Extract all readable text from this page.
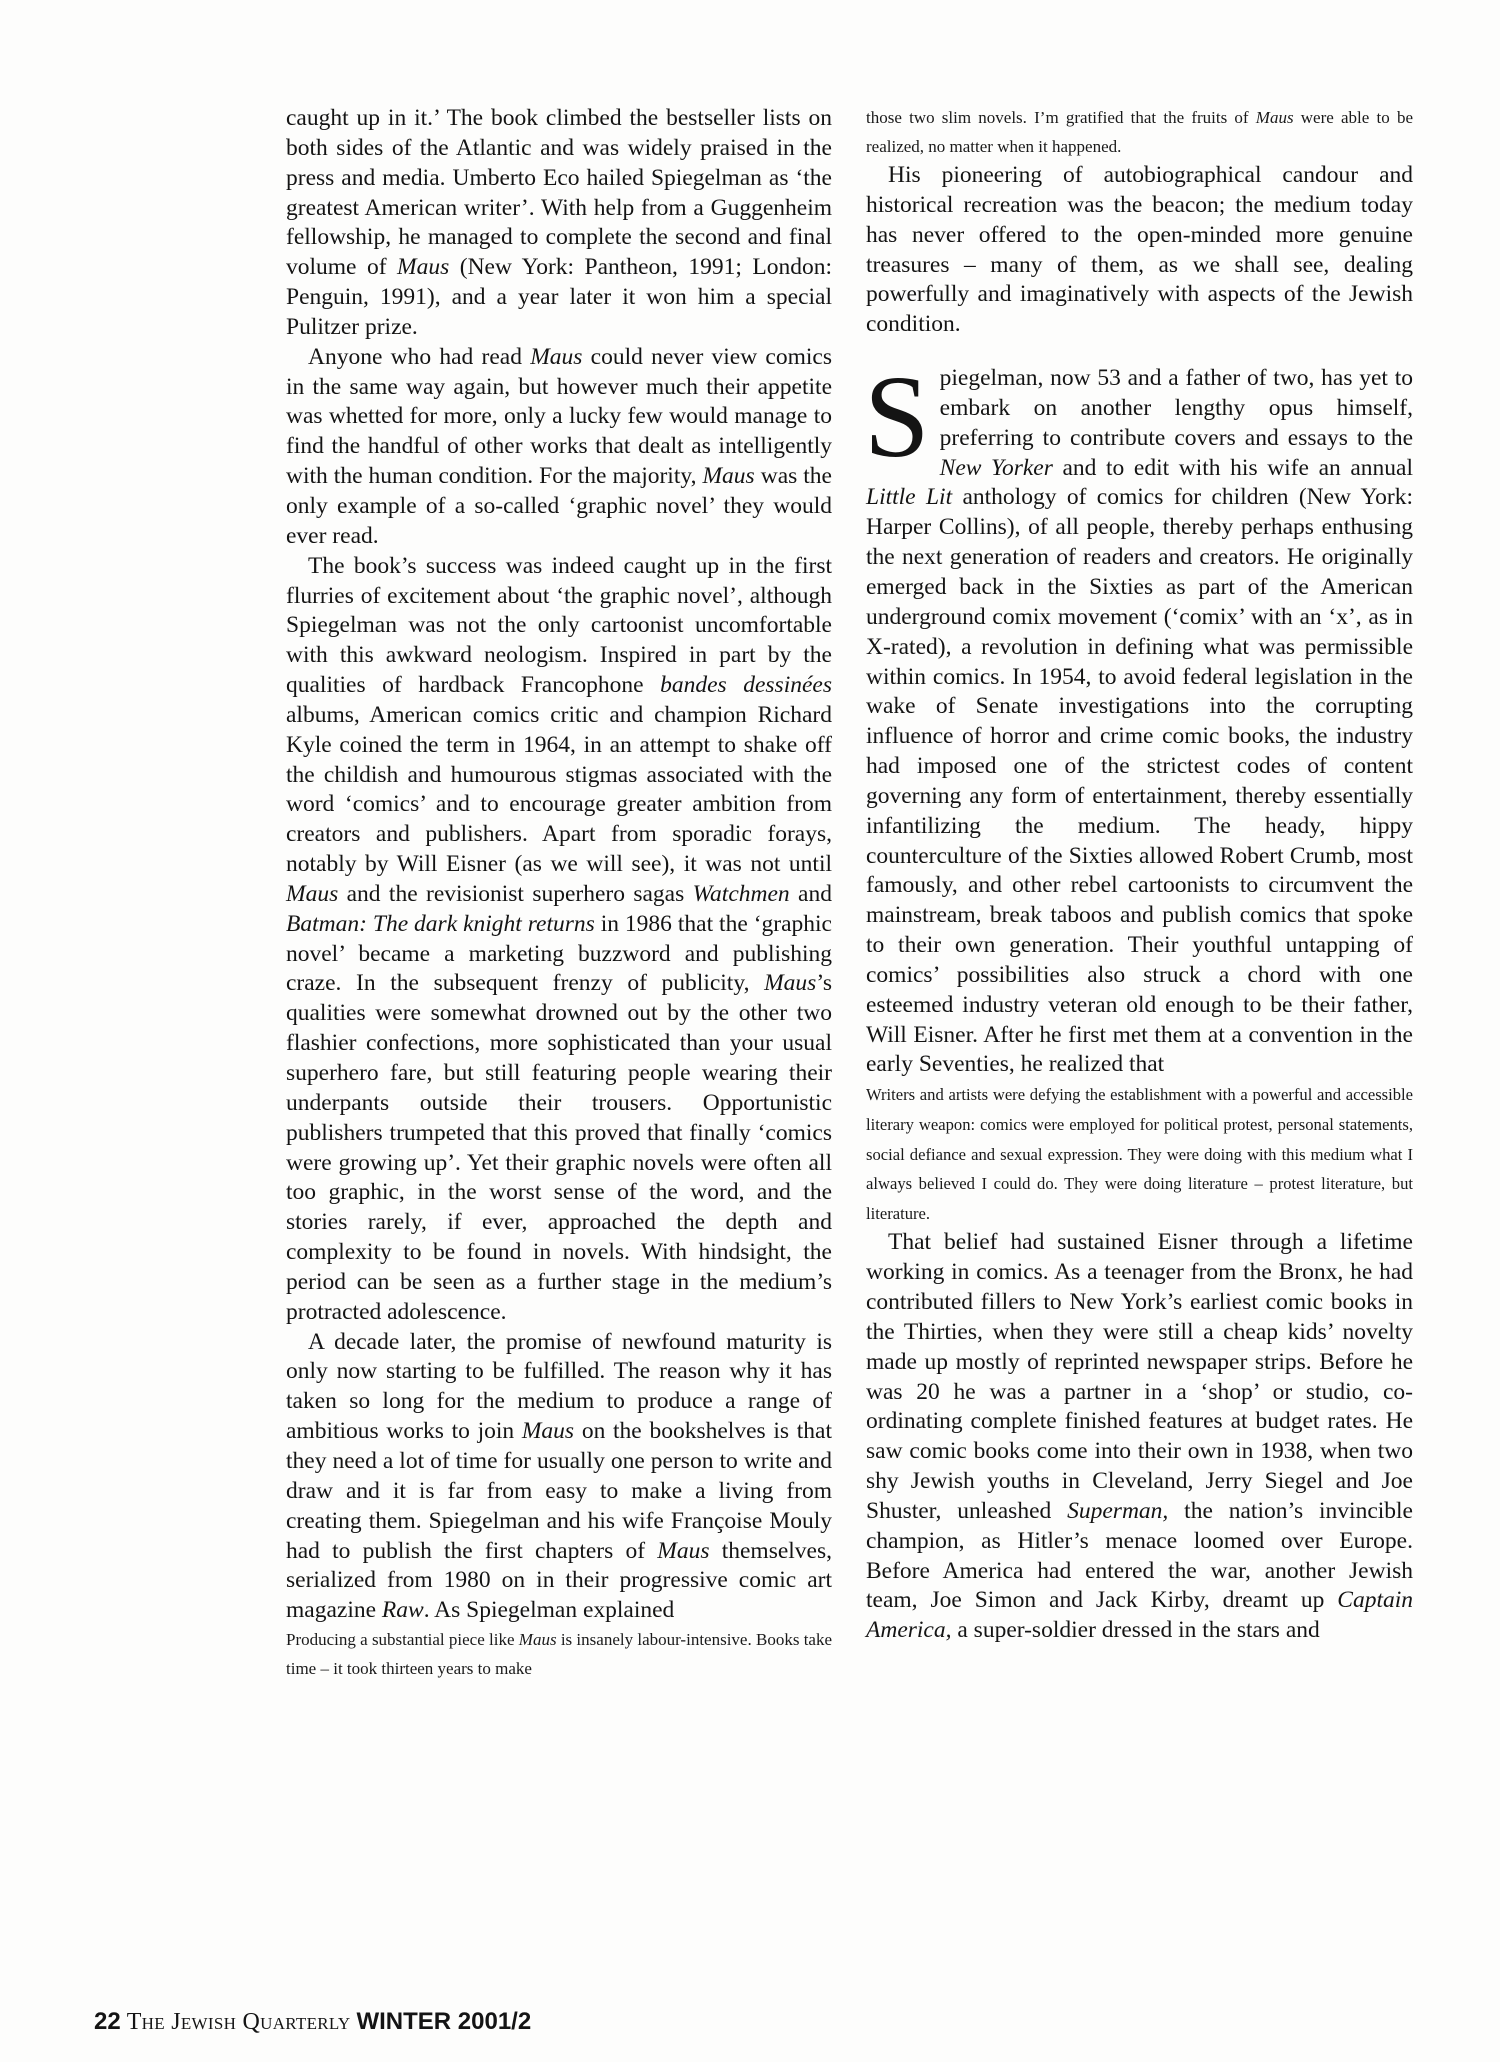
caught up in it.’ The book climbed the bestseller lists on both sides of the Atlantic and was widely praised in the press and media. Umberto Eco hailed Spiegelman as ‘the greatest American writer’. With help from a Guggenheim fellowship, he managed to complete the second and final volume of Maus (New York: Pantheon, 1991; London: Penguin, 1991), and a year later it won him a special Pulitzer prize.

Anyone who had read Maus could never view comics in the same way again, but however much their appetite was whetted for more, only a lucky few would manage to find the handful of other works that dealt as intelligently with the human condition. For the majority, Maus was the only example of a so-called ‘graphic novel’ they would ever read.

The book’s success was indeed caught up in the first flurries of excitement about ‘the graphic novel’, although Spiegelman was not the only cartoonist uncomfortable with this awkward neologism. Inspired in part by the qualities of hardback Francophone bandes dessinées albums, American comics critic and champion Richard Kyle coined the term in 1964, in an attempt to shake off the childish and humourous stigmas associated with the word ‘comics’ and to encourage greater ambition from creators and publishers. Apart from sporadic forays, notably by Will Eisner (as we will see), it was not until Maus and the revisionist superhero sagas Watchmen and Batman: The dark knight returns in 1986 that the ‘graphic novel’ became a marketing buzzword and publishing craze. In the subsequent frenzy of publicity, Maus’s qualities were somewhat drowned out by the other two flashier confections, more sophisticated than your usual superhero fare, but still featuring people wearing their underpants outside their trousers. Opportunistic publishers trumpeted that this proved that finally ‘comics were growing up’. Yet their graphic novels were often all too graphic, in the worst sense of the word, and the stories rarely, if ever, approached the depth and complexity to be found in novels. With hindsight, the period can be seen as a further stage in the medium’s protracted adolescence.

A decade later, the promise of newfound maturity is only now starting to be fulfilled. The reason why it has taken so long for the medium to produce a range of ambitious works to join Maus on the bookshelves is that they need a lot of time for usually one person to write and draw and it is far from easy to make a living from creating them. Spiegelman and his wife Françoise Mouly had to publish the first chapters of Maus themselves, serialized from 1980 on in their progressive comic art magazine Raw. As Spiegelman explained

Producing a substantial piece like Maus is insanely labour-intensive. Books take time – it took thirteen years to make

those two slim novels. I’m gratified that the fruits of Maus were able to be realized, no matter when it happened.

His pioneering of autobiographical candour and historical recreation was the beacon; the medium today has never offered to the open-minded more genuine treasures – many of them, as we shall see, dealing powerfully and imaginatively with aspects of the Jewish condition.

Spiegelman, now 53 and a father of two, has yet to embark on another lengthy opus himself, preferring to contribute covers and essays to the New Yorker and to edit with his wife an annual Little Lit anthology of comics for children (New York: Harper Collins), of all people, thereby perhaps enthusing the next generation of readers and creators. He originally emerged back in the Sixties as part of the American underground comix movement (‘comix’ with an ‘x’, as in X-rated), a revolution in defining what was permissible within comics. In 1954, to avoid federal legislation in the wake of Senate investigations into the corrupting influence of horror and crime comic books, the industry had imposed one of the strictest codes of content governing any form of entertainment, thereby essentially infantilizing the medium. The heady, hippy counterculture of the Sixties allowed Robert Crumb, most famously, and other rebel cartoonists to circumvent the mainstream, break taboos and publish comics that spoke to their own generation. Their youthful untapping of comics’ possibilities also struck a chord with one esteemed industry veteran old enough to be their father, Will Eisner. After he first met them at a convention in the early Seventies, he realized that

Writers and artists were defying the establishment with a powerful and accessible literary weapon: comics were employed for political protest, personal statements, social defiance and sexual expression. They were doing with this medium what I always believed I could do. They were doing literature – protest literature, but literature.

That belief had sustained Eisner through a lifetime working in comics. As a teenager from the Bronx, he had contributed fillers to New York’s earliest comic books in the Thirties, when they were still a cheap kids’ novelty made up mostly of reprinted newspaper strips. Before he was 20 he was a partner in a ‘shop’ or studio, co-ordinating complete finished features at budget rates. He saw comic books come into their own in 1938, when two shy Jewish youths in Cleveland, Jerry Siegel and Joe Shuster, unleashed Superman, the nation’s invincible champion, as Hitler’s menace loomed over Europe. Before America had entered the war, another Jewish team, Joe Simon and Jack Kirby, dreamt up Captain America, a super-soldier dressed in the stars and

22 The Jewish Quarterly WINTER 2001/2
